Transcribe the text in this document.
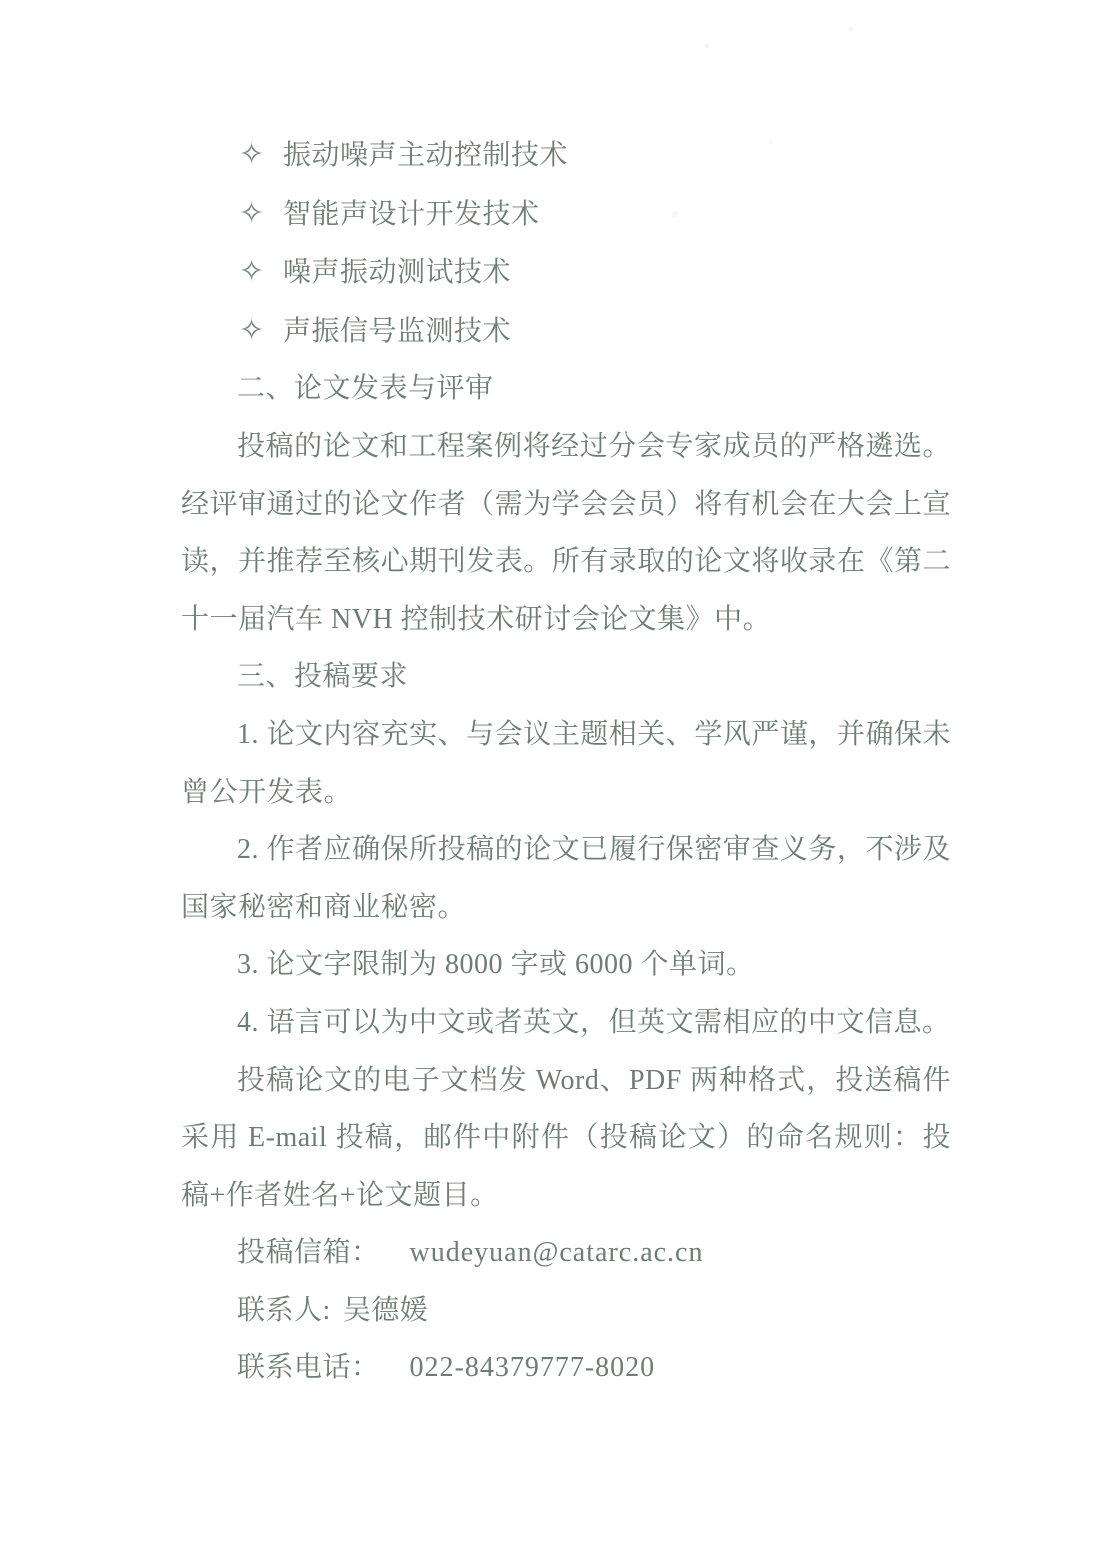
✧ 振动噪声主动控制技术
✧ 智能声设计开发技术
✧ 噪声振动测试技术
✧ 声振信号监测技术

二、论文发表与评审

投稿的论文和工程案例将经过分会专家成员的严格遴选。经评审通过的论文作者（需为学会会员）将有机会在大会上宣读，并推荐至核心期刊发表。所有录取的论文将收录在《第二十一届汽车 NVH 控制技术研讨会论文集》中。

三、投稿要求

1. 论文内容充实、与会议主题相关、学风严谨，并确保未曾公开发表。

2. 作者应确保所投稿的论文已履行保密审查义务，不涉及国家秘密和商业秘密。

3. 论文字限制为 8000 字或 6000 个单词。

4. 语言可以为中文或者英文，但英文需相应的中文信息。

投稿论文的电子文档发 Word、PDF 两种格式，投送稿件采用 E-mail 投稿，邮件中附件（投稿论文）的命名规则：投稿+作者姓名+论文题目。

投稿信箱： wudeyuan@catarc.ac.cn

联系人: 吴德媛

联系电话： 022-84379777-8020
